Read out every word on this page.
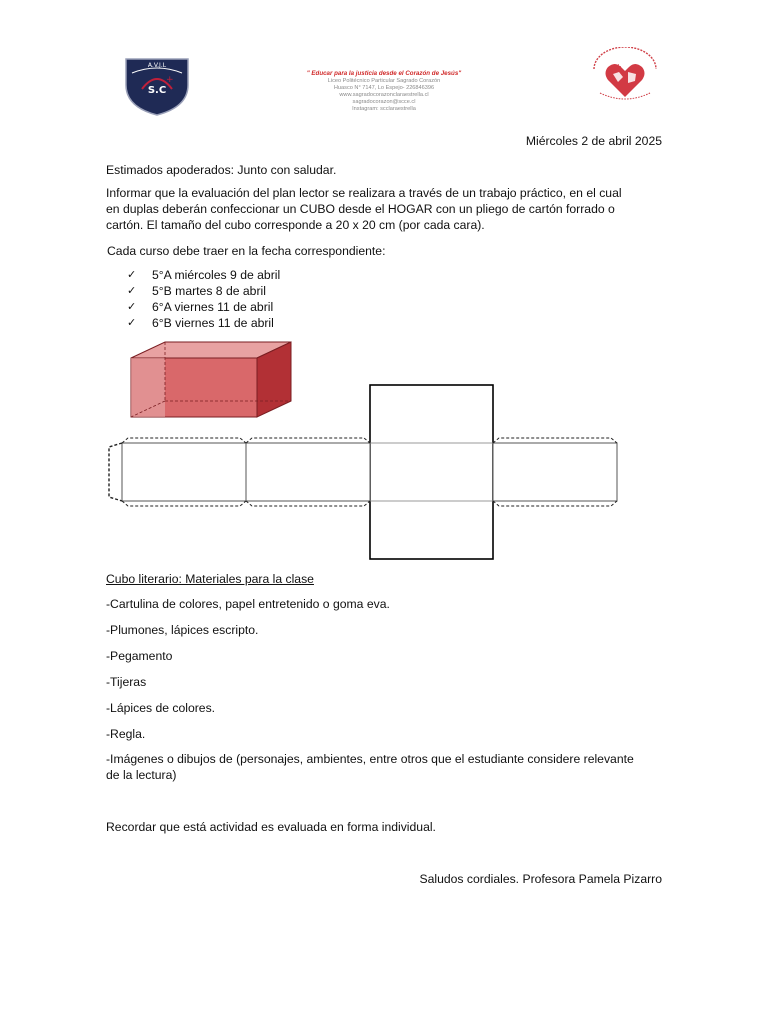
A.V.J.L
S.C
+
" Educar para la justicia desde el Corazón de Jesús"
Liceo Politécnico Particular Sagrado Corazón
Huasco N° 7147, Lo Espejo- 226846396
www.sagradocorazonclaraestrella.cl
sagradocorazon@scce.cl
Instagram: scclaraestrella
+
Miércoles 2 de abril 2025
Estimados apoderados: Junto con saludar.
Informar que la evaluación del plan lector se realizara a través de un trabajo práctico, en el cual
en duplas deberán confeccionar un CUBO desde el HOGAR con un pliego de cartón forrado o
cartón. El tamaño del cubo corresponde a 20 x 20 cm (por cada cara).
Cada curso debe traer en la fecha correspondiente:
✓ 5°A miércoles 9 de abril
✓ 5°B martes 8 de abril
✓ 6°A viernes 11 de abril
✓ 6°B viernes 11 de abril
Cubo literario: Materiales para la clase
-Cartulina de colores, papel entretenido o goma eva.
-Plumones, lápices escripto.
-Pegamento
-Tijeras
-Lápices de colores.
-Regla.
-Imágenes o dibujos de (personajes, ambientes, entre otros que el estudiante considere relevante
de la lectura)
Recordar que está actividad es evaluada en forma individual.
Saludos cordiales. Profesora Pamela Pizarro
